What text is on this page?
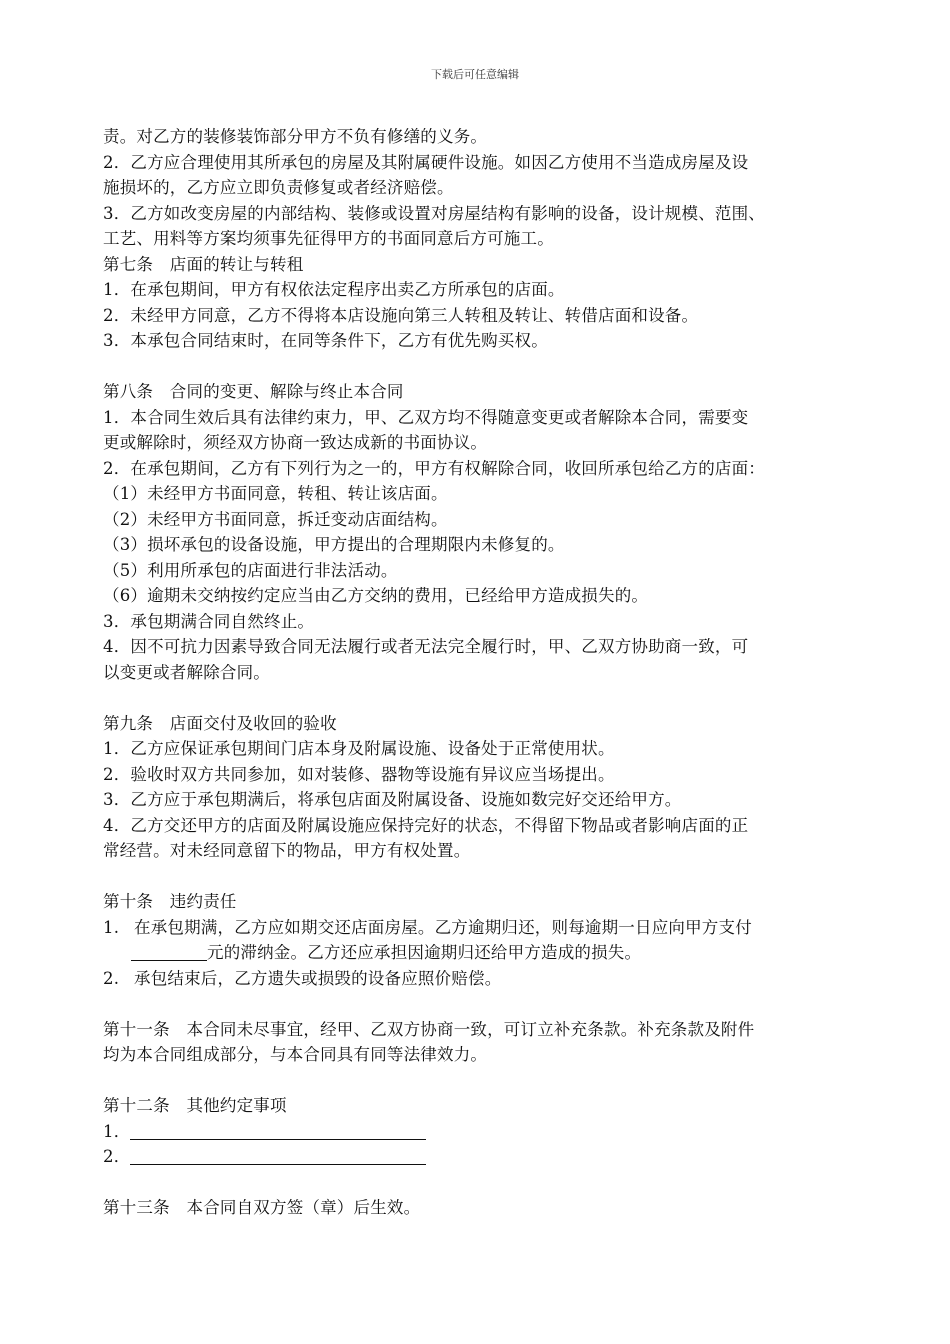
下载后可任意编辑
责。对乙方的装修装饰部分甲方不负有修缮的义务。
2．乙方应合理使用其所承包的房屋及其附属硬件设施。如因乙方使用不当造成房屋及设
施损坏的，乙方应立即负责修复或者经济赔偿。
3．乙方如改变房屋的内部结构、装修或设置对房屋结构有影响的设备，设计规模、范围、
工艺、用料等方案均须事先征得甲方的书面同意后方可施工。
第七条　店面的转让与转租
1．在承包期间，甲方有权依法定程序出卖乙方所承包的店面。
2．未经甲方同意，乙方不得将本店设施向第三人转租及转让、转借店面和设备。
3．本承包合同结束时，在同等条件下，乙方有优先购买权。
第八条　合同的变更、解除与终止本合同
1．本合同生效后具有法律约束力，甲、乙双方均不得随意变更或者解除本合同，需要变
更或解除时，须经双方协商一致达成新的书面协议。
2．在承包期间，乙方有下列行为之一的，甲方有权解除合同，收回所承包给乙方的店面：
（1）未经甲方书面同意，转租、转让该店面。
（2）未经甲方书面同意，拆迁变动店面结构。
（3）损坏承包的设备设施，甲方提出的合理期限内未修复的。
（5）利用所承包的店面进行非法活动。
（6）逾期未交纳按约定应当由乙方交纳的费用，已经给甲方造成损失的。
3．承包期满合同自然终止。
4．因不可抗力因素导致合同无法履行或者无法完全履行时，甲、乙双方协助商一致，可
以变更或者解除合同。
第九条　店面交付及收回的验收
1．乙方应保证承包期间门店本身及附属设施、设备处于正常使用状。
2．验收时双方共同参加，如对装修、器物等设施有异议应当场提出。
3．乙方应于承包期满后，将承包店面及附属设备、设施如数完好交还给甲方。
4．乙方交还甲方的店面及附属设施应保持完好的状态，不得留下物品或者影响店面的正
常经营。对未经同意留下的物品，甲方有权处置。
第十条　违约责任
1. 在承包期满，乙方应如期交还店面房屋。乙方逾期归还，则每逾期一日应向甲方支付
元的滞纳金。乙方还应承担因逾期归还给甲方造成的损失。
2. 承包结束后，乙方遗失或损毁的设备应照价赔偿。
第十一条　本合同未尽事宜，经甲、乙双方协商一致，可订立补充条款。补充条款及附件
均为本合同组成部分，与本合同具有同等法律效力。
第十二条　其他约定事项
1．
2．
第十三条　本合同自双方签（章）后生效。
